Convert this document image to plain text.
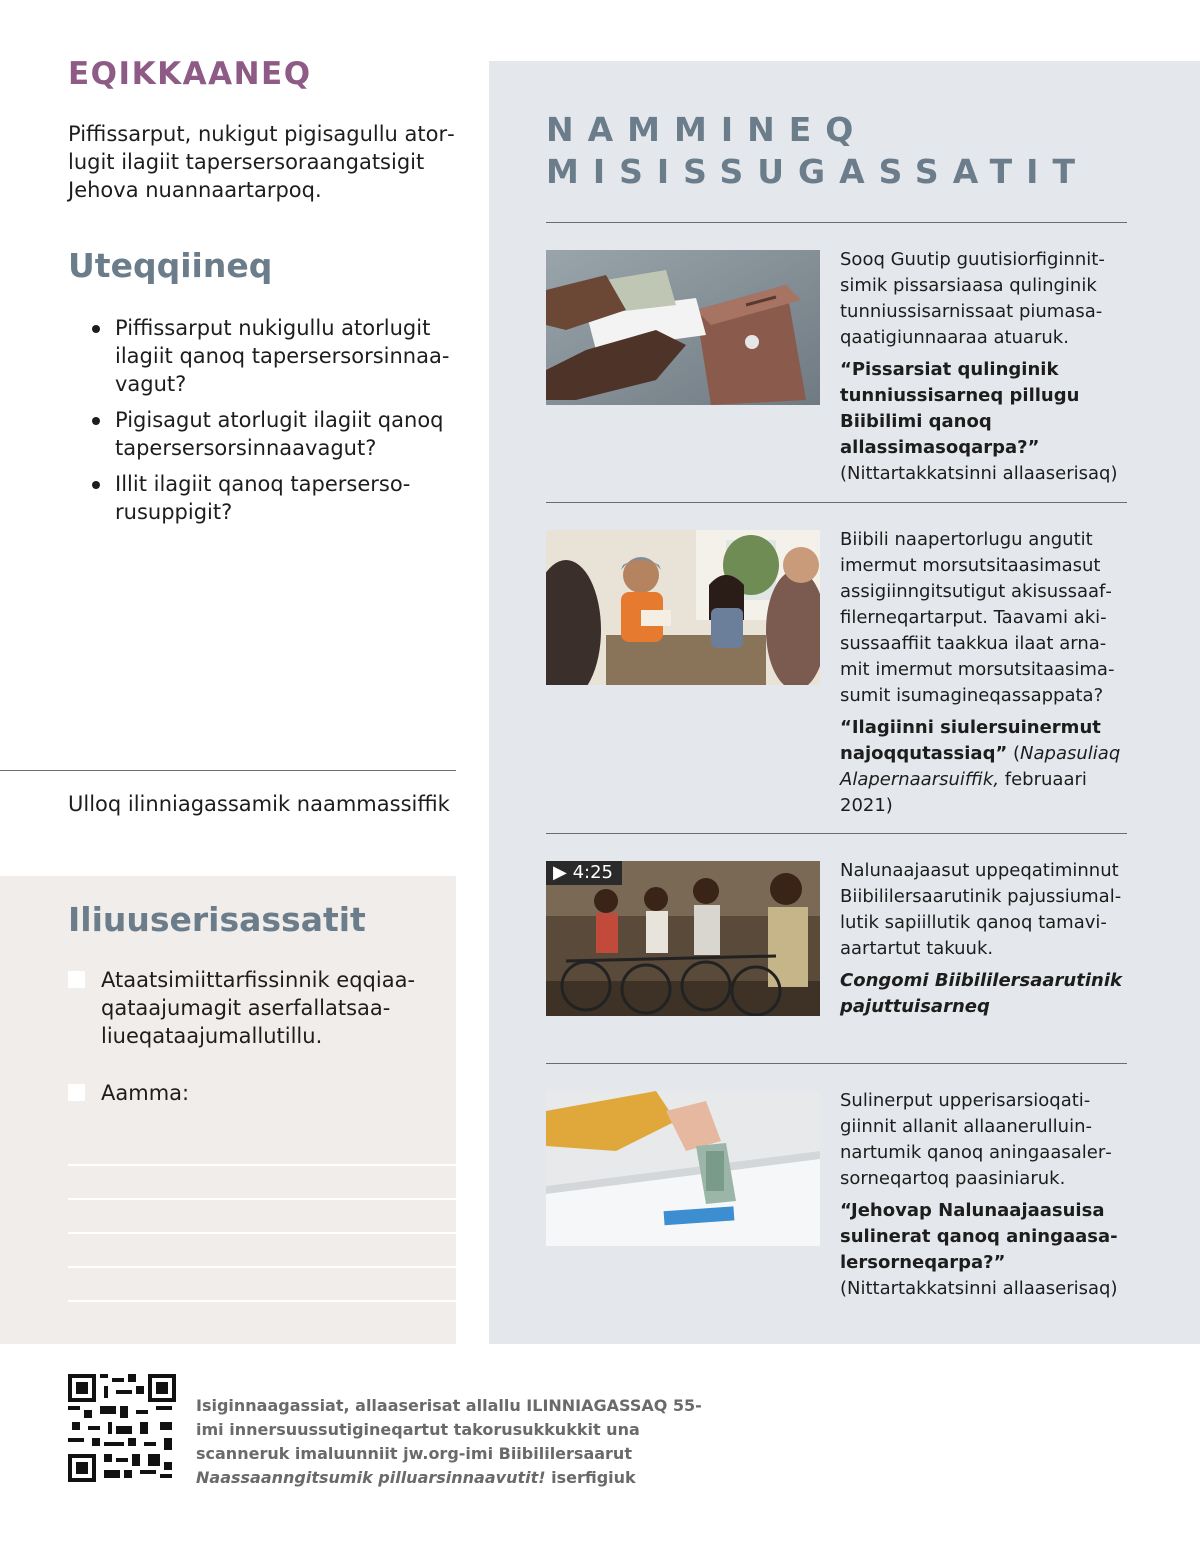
EQIKKAANEQ

Piffissarput, nukigut pigisagullu atorlugit ilagiit tapersersoraangatsigit Jehova nuannaartarpoq.

Uteqqiineq
Piffissarput nukigullu atorlugit ilagiit qanoq tapersersorsinnaavagut?
Pigisagut atorlugit ilagiit qanoq tapersersorsinnaavagut?
Illit ilagiit qanoq tapersersorusuppigit?

Ulloq ilinniagassamik naammassiffik

Iliuuserisassatit
Ataatsimiittarfissinnik eqqiaaqataajumagit aserfallatsaaliueqataajumallutillu.
Aamma:
NAMMINEQ
MISISSUGASSATIT

Sooq Guutip guutisiorfiginnitsimik pissarsiaasa qulinginik tunniussisarnissaat piumasaqaatigiunnaaraa atuaruk.

“Pissarsiat qulinginik tunniussisarneq pillugu Biibilimi qanoq allassimasoqarpa?” (Nittartakkatsinni allaaserisaq)

Biibili naapertorlugu angutit imermut morsutsitaasimasut assigiinngitsutigut akisussaaffilerneqartarput. Taavami akisussaaffiit taakkua ilaat arnamit imermut morsutsitaasimasumit isumagineqassappata?

“Ilagiinni siulersuinermut najoqqutassiaq” (Napasuliaq Alapernaarsuiffik, februaari 2021)

▶ 4:25	Nalunaajaasut uppeqatiminnut Biibililersaarutinik pajussiumallutik sapiillutik qanoq tamaviaartartut takuuk.

Congomi Biibililersaarutinik pajuttuisarneq

Sulinerput upperisarsioqatigiinnit allanit allaanerulluinnartumik qanoq aningaasalersorneqartoq paasiniaruk.

“Jehovap Nalunaajaasuisa sulinerat qanoq aningaasalersorneqarpa?” (Nittartakkatsinni allaaserisaq)

Isiginnaagassiat, allaaserisat allallu ILINNIAGASSAQ 55-imi innersuussutigineqartut takorusukkukkit una scanneruk imaluunniit jw.org-imi Biibililersaarut Naassaanngitsumik pilluarsinnaavutit! iserfigiuk
